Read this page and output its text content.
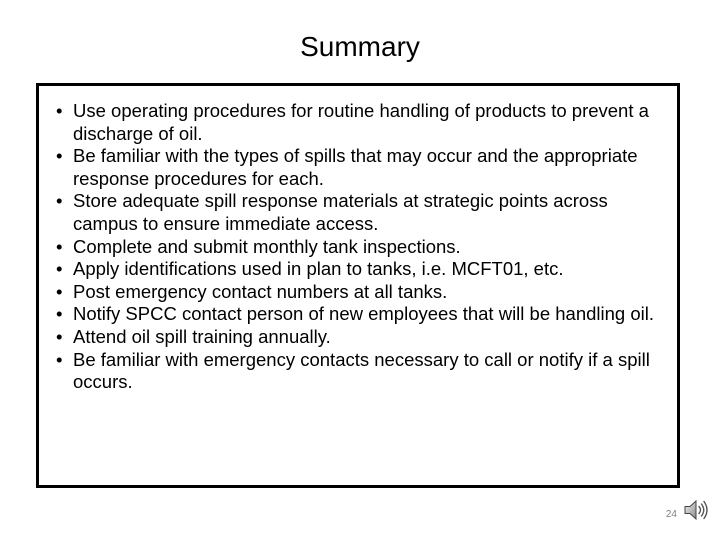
Summary
• Use operating procedures for routine handling of products to prevent a discharge of oil.
• Be familiar with the types of spills that may occur and the appropriate response procedures for each.
• Store adequate spill response materials at strategic points across campus to ensure immediate access.
• Complete and submit monthly tank inspections.
• Apply identifications used in plan to tanks, i.e. MCFT01, etc.
• Post emergency contact numbers at all tanks.
• Notify SPCC contact person of new employees that will be handling oil.
• Attend oil spill training annually.
• Be familiar with emergency contacts necessary to call or notify if a spill occurs.
24
